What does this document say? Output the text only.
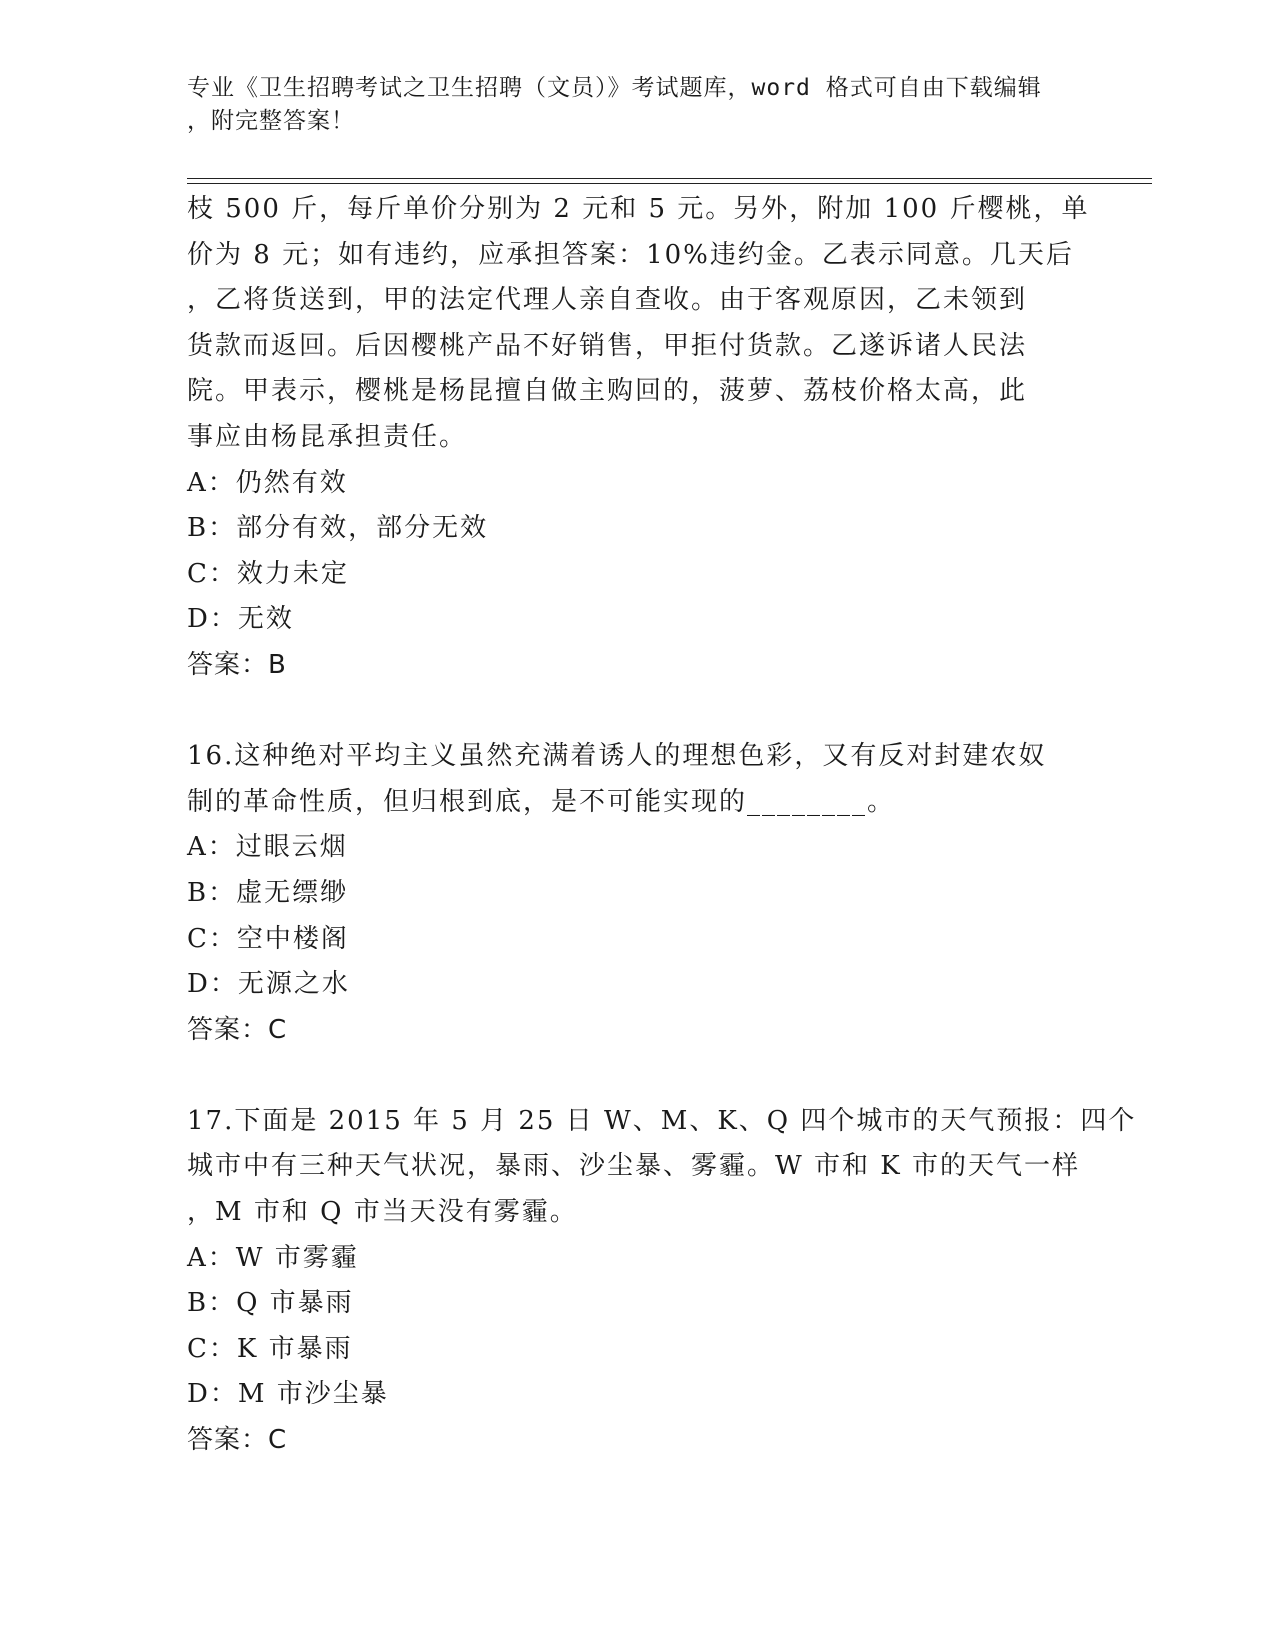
专业《卫生招聘考试之卫生招聘（文员）》考试题库，word 格式可自由下载编辑
，附完整答案！
枝 500 斤，每斤单价分别为 2 元和 5 元。另外，附加 100 斤樱桃，单
价为 8 元；如有违约，应承担答案：10%违约金。乙表示同意。几天后
，乙将货送到，甲的法定代理人亲自查收。由于客观原因，乙未领到
货款而返回。后因樱桃产品不好销售，甲拒付货款。乙遂诉诸人民法
院。甲表示，樱桃是杨昆擅自做主购回的，菠萝、荔枝价格太高，此
事应由杨昆承担责任。
A：仍然有效
B：部分有效，部分无效
C：效力未定
D：无效
答案：B
16.这种绝对平均主义虽然充满着诱人的理想色彩，又有反对封建农奴
制的革命性质，但归根到底，是不可能实现的________。
A：过眼云烟
B：虚无缥缈
C：空中楼阁
D：无源之水
答案：C
17.下面是 2015 年 5 月 25 日 W、M、K、Q 四个城市的天气预报：四个
城市中有三种天气状况，暴雨、沙尘暴、雾霾。W 市和 K 市的天气一样
，M 市和 Q 市当天没有雾霾。
A：W 市雾霾
B：Q 市暴雨
C：K 市暴雨
D：M 市沙尘暴
答案：C
